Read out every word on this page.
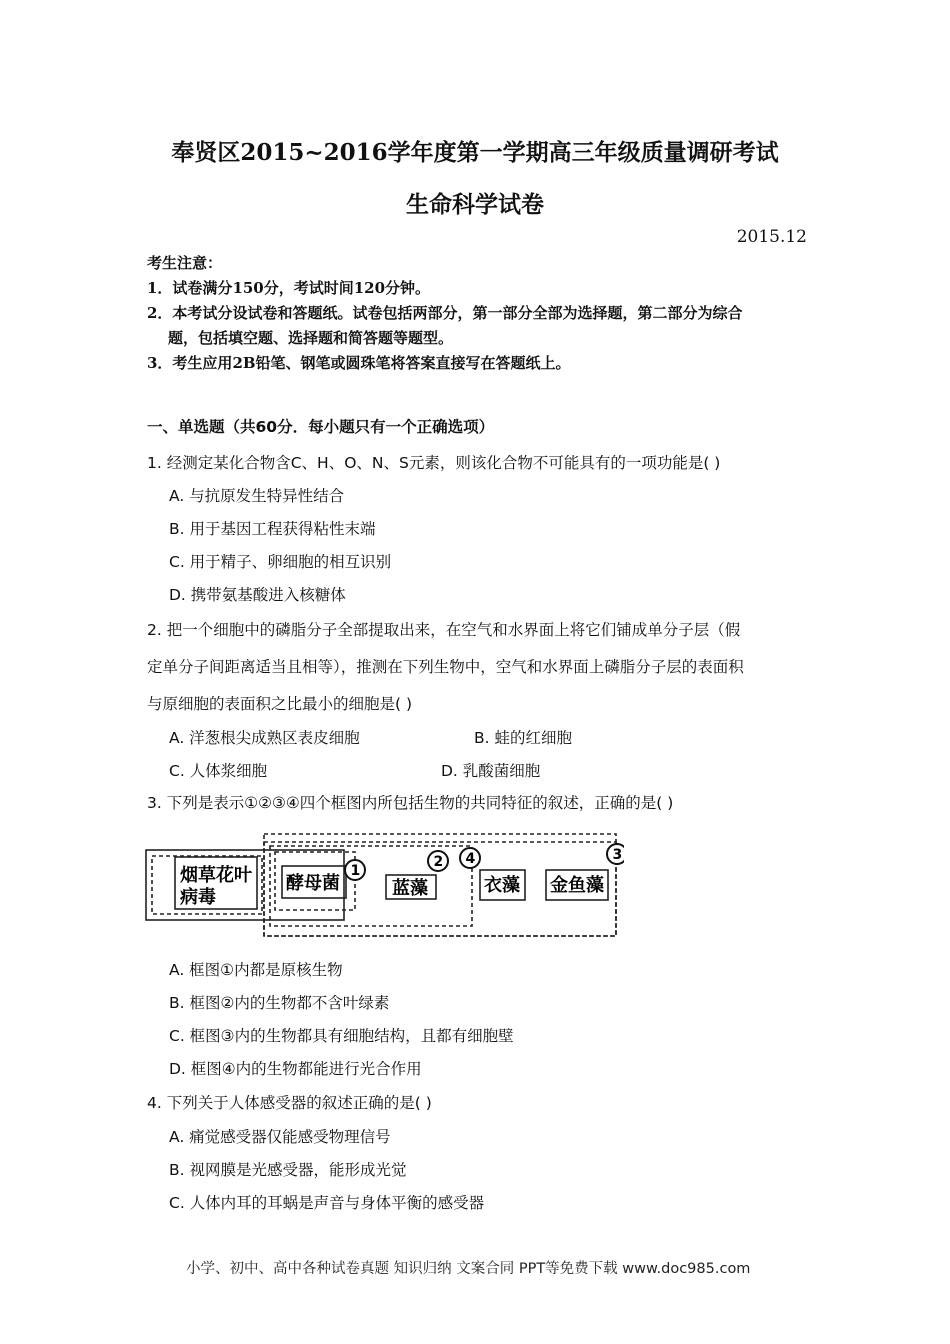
奉贤区2015~2016学年度第一学期高三年级质量调研考试
生命科学试卷
2015.12
考生注意：
1．试卷满分150分，考试时间120分钟。
2．本考试分设试卷和答题纸。试卷包括两部分，第一部分全部为选择题，第二部分为综合
题，包括填空题、选择题和简答题等题型。
3．考生应用2B铅笔、钢笔或圆珠笔将答案直接写在答题纸上。
一、单选题（共60分．每小题只有一个正确选项）
1. 经测定某化合物含C、H、O、N、S元素，则该化合物不可能具有的一项功能是( )
A. 与抗原发生特异性结合
B. 用于基因工程获得粘性末端
C. 用于精子、卵细胞的相互识别
D. 携带氨基酸进入核糖体
2. 把一个细胞中的磷脂分子全部提取出来，在空气和水界面上将它们铺成单分子层（假
定单分子间距离适当且相等），推测在下列生物中，空气和水界面上磷脂分子层的表面积
与原细胞的表面积之比最小的细胞是( )
A. 洋葱根尖成熟区表皮细胞	B. 蛙的红细胞
C. 人体浆细胞	D. 乳酸菌细胞
3. 下列是表示①②③④四个框图内所包括生物的共同特征的叙述，正确的是( )
烟草花叶
病毒
酵母菌	蓝藻	衣藻 金鱼藻
1
2 4	3
A. 框图①内都是原核生物
B. 框图②内的生物都不含叶绿素
C. 框图③内的生物都具有细胞结构，且都有细胞壁
D. 框图④内的生物都能进行光合作用
4. 下列关于人体感受器的叙述正确的是( )
A. 痛觉感受器仅能感受物理信号
B. 视网膜是光感受器，能形成光觉
C. 人体内耳的耳蜗是声音与身体平衡的感受器
小学、初中、高中各种试卷真题 知识归纳 文案合同 PPT等免费下载 www.doc985.com
